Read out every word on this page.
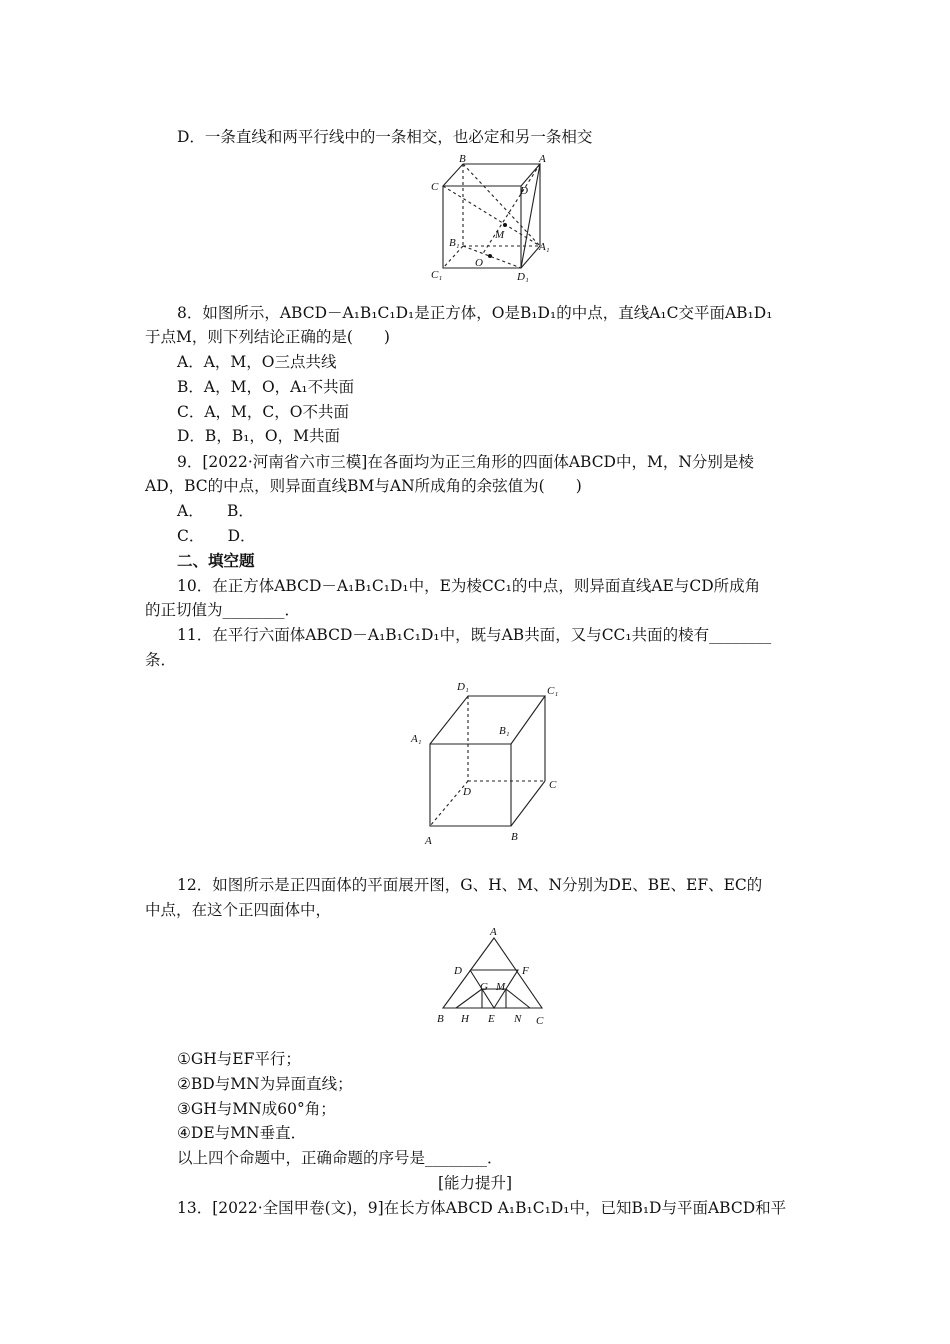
D．一条直线和两平行线中的一条相交，也必定和另一条相交
B	A
C	D
M
B₁	A₁
O
C₁	D₁
8．如图所示，ABCD－A₁B₁C₁D₁是正方体，O是B₁D₁的中点，直线A₁C交平面AB₁D₁
于点M，则下列结论正确的是(　　)
A．A，M，O三点共线
B．A，M，O，A₁不共面
C．A，M，C，O不共面
D．B，B₁，O，M共面
9．[2022·河南省六市三模]在各面均为正三角形的四面体ABCD中，M，N分别是棱
AD，BC的中点，则异面直线BM与AN所成角的余弦值为(　　)
A．　　B．
C．　　D．
二、填空题
10．在正方体ABCD－A₁B₁C₁D₁中，E为棱CC₁的中点，则异面直线AE与CD所成角
的正切值为________．
11．在平行六面体ABCD－A₁B₁C₁D₁中，既与AB共面，又与CC₁共面的棱有________
条．
D₁	C₁
A₁
B₁
D
C
A	B
12．如图所示是正四面体的平面展开图，G、H、M、N分别为DE、BE、EF、EC的
中点，在这个正四面体中，
A
D	F
G M
B H E N C
①GH与EF平行；
②BD与MN为异面直线；
③GH与MN成60°角；
④DE与MN垂直．
以上四个命题中，正确命题的序号是________．
[能力提升]
13．[2022·全国甲卷(文)，9]在长方体ABCD A₁B₁C₁D₁中，已知B₁D与平面ABCD和平
